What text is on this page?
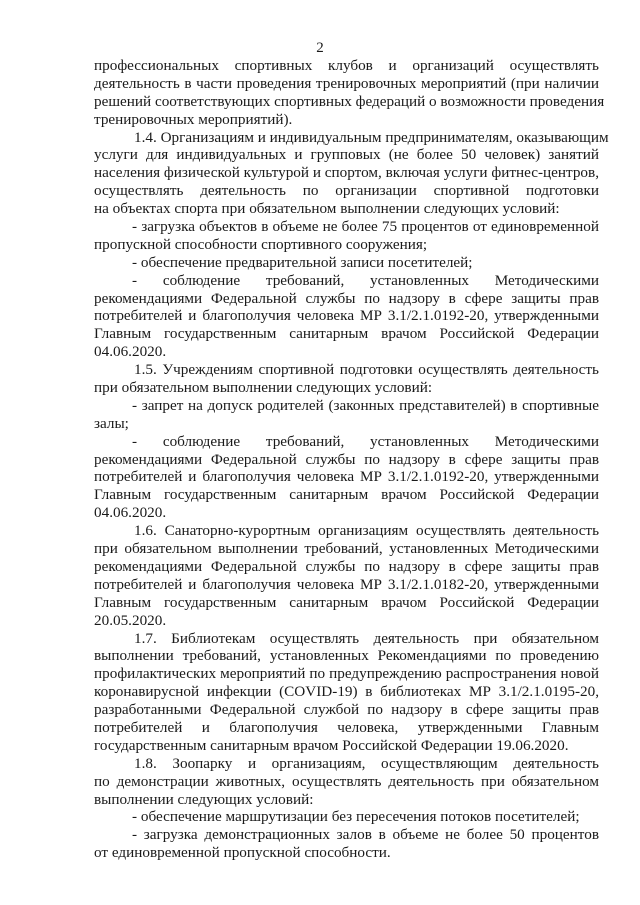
2
профессиональных спортивных клубов и организаций осуществлять
деятельность в части проведения тренировочных мероприятий (при наличии
решений соответствующих спортивных федераций о возможности проведения
тренировочных мероприятий).
1.4. Организациям и индивидуальным предпринимателям, оказывающим
услуги для индивидуальных и групповых (не более 50 человек) занятий
населения физической культурой и спортом, включая услуги фитнес-центров,
осуществлять деятельность по организации спортивной подготовки
на объектах спорта при обязательном выполнении следующих условий:
- загрузка объектов в объеме не более 75 процентов от единовременной
пропускной способности спортивного сооружения;
- обеспечение предварительной записи посетителей;
- соблюдение требований, установленных Методическими
рекомендациями Федеральной службы по надзору в сфере защиты прав
потребителей и благополучия человека МР 3.1/2.1.0192-20, утвержденными
Главным государственным санитарным врачом Российской Федерации
04.06.2020.
1.5. Учреждениям спортивной подготовки осуществлять деятельность
при обязательном выполнении следующих условий:
- запрет на допуск родителей (законных представителей) в спортивные
залы;
- соблюдение требований, установленных Методическими
рекомендациями Федеральной службы по надзору в сфере защиты прав
потребителей и благополучия человека МР 3.1/2.1.0192-20, утвержденными
Главным государственным санитарным врачом Российской Федерации
04.06.2020.
1.6. Санаторно-курортным организациям осуществлять деятельность
при обязательном выполнении требований, установленных Методическими
рекомендациями Федеральной службы по надзору в сфере защиты прав
потребителей и благополучия человека МР 3.1/2.1.0182-20, утвержденными
Главным государственным санитарным врачом Российской Федерации
20.05.2020.
1.7. Библиотекам осуществлять деятельность при обязательном
выполнении требований, установленных Рекомендациями по проведению
профилактических мероприятий по предупреждению распространения новой
коронавирусной инфекции (COVID-19) в библиотеках МР 3.1/2.1.0195-20,
разработанными Федеральной службой по надзору в сфере защиты прав
потребителей и благополучия человека, утвержденными Главным
государственным санитарным врачом Российской Федерации 19.06.2020.
1.8. Зоопарку и организациям, осуществляющим деятельность
по демонстрации животных, осуществлять деятельность при обязательном
выполнении следующих условий:
- обеспечение маршрутизации без пересечения потоков посетителей;
- загрузка демонстрационных залов в объеме не более 50 процентов
от единовременной пропускной способности.
